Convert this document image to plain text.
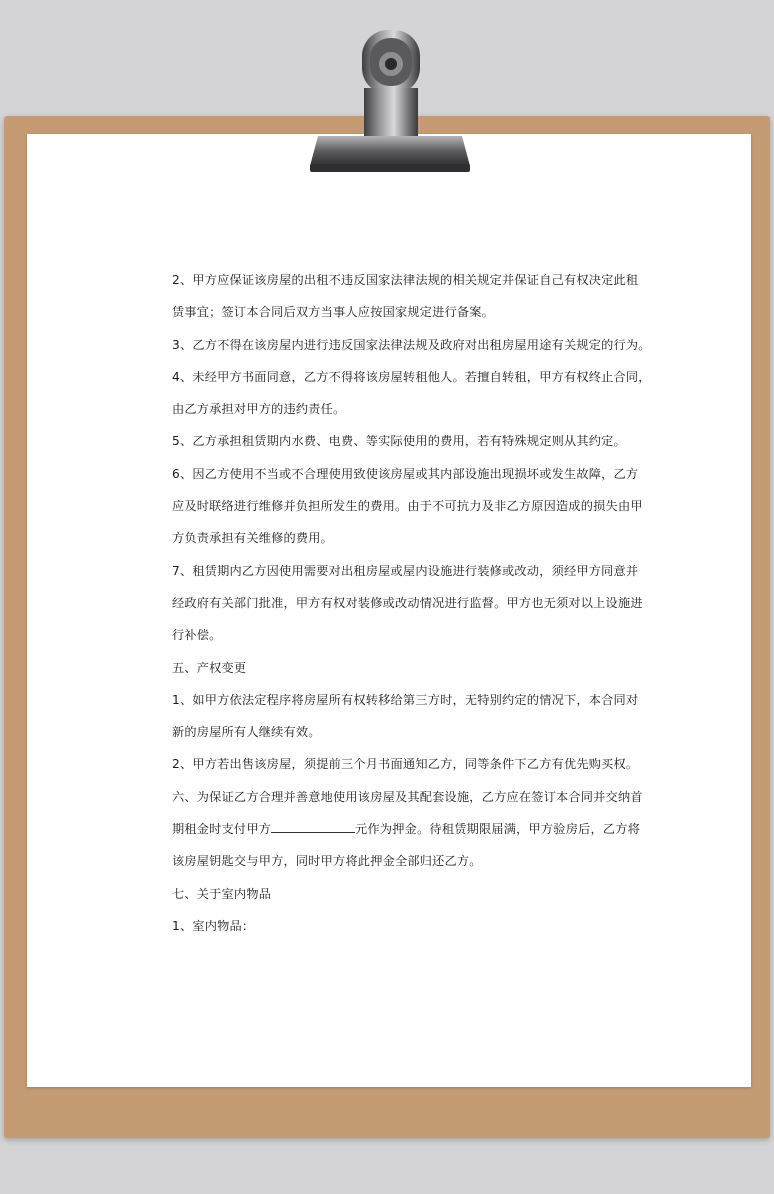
2、甲方应保证该房屋的出租不违反国家法律法规的相关规定并保证自己有权决定此租

赁事宜；签订本合同后双方当事人应按国家规定进行备案。

3、乙方不得在该房屋内进行违反国家法律法规及政府对出租房屋用途有关规定的行为。

4、未经甲方书面同意，乙方不得将该房屋转租他人。若擅自转租，甲方有权终止合同，

由乙方承担对甲方的违约责任。

5、乙方承担租赁期内水费、电费、等实际使用的费用，若有特殊规定则从其约定。

6、因乙方使用不当或不合理使用致使该房屋或其内部设施出现损坏或发生故障，乙方

应及时联络进行维修并负担所发生的费用。由于不可抗力及非乙方原因造成的损失由甲

方负责承担有关维修的费用。

7、租赁期内乙方因使用需要对出租房屋或屋内设施进行装修或改动，须经甲方同意并

经政府有关部门批准，甲方有权对装修或改动情况进行监督。甲方也无须对以上设施进

行补偿。

五、产权变更

1、如甲方依法定程序将房屋所有权转移给第三方时，无特别约定的情况下，本合同对

新的房屋所有人继续有效。

2、甲方若出售该房屋，须提前三个月书面通知乙方，同等条件下乙方有优先购买权。

六、为保证乙方合理并善意地使用该房屋及其配套设施，乙方应在签订本合同并交纳首

期租金时支付甲方	元作为押金。待租赁期限届满，甲方验房后，乙方将

该房屋钥匙交与甲方，同时甲方将此押金全部归还乙方。

七、关于室内物品

1、室内物品：
